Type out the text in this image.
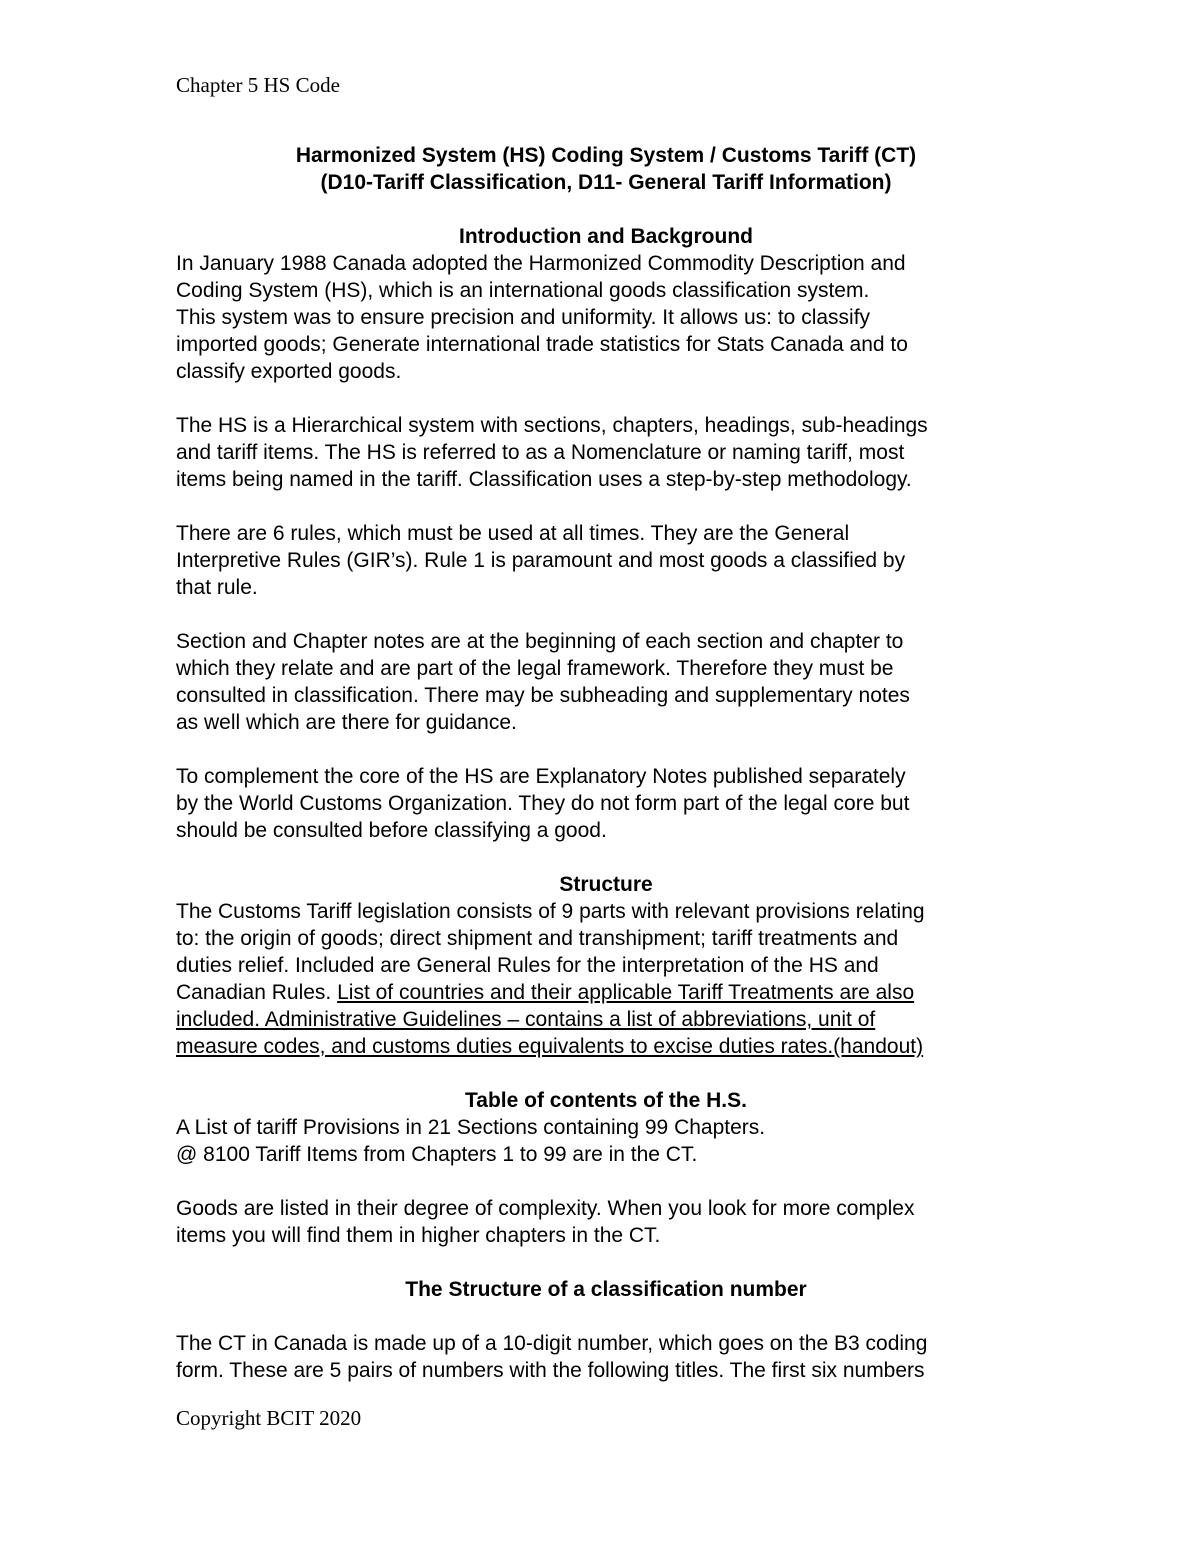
Chapter 5 HS Code
Harmonized System (HS) Coding System / Customs Tariff (CT)
(D10-Tariff Classification, D11- General Tariff Information)
Introduction and Background
In January 1988 Canada adopted the Harmonized Commodity Description and
Coding System (HS), which is an international goods classification system.
This system was to ensure precision and uniformity. It allows us: to classify
imported goods; Generate international trade statistics for Stats Canada and to
classify exported goods.
The HS is a Hierarchical system with sections, chapters, headings, sub-headings
and tariff items. The HS is referred to as a Nomenclature or naming tariff, most
items being named in the tariff. Classification uses a step-by-step methodology.
There are 6 rules, which must be used at all times. They are the General
Interpretive Rules (GIR’s). Rule 1 is paramount and most goods a classified by
that rule.
Section and Chapter notes are at the beginning of each section and chapter to
which they relate and are part of the legal framework. Therefore they must be
consulted in classification. There may be subheading and supplementary notes
as well which are there for guidance.
To complement the core of the HS are Explanatory Notes published separately
by the World Customs Organization. They do not form part of the legal core but
should be consulted before classifying a good.
Structure
The Customs Tariff legislation consists of 9 parts with relevant provisions relating
to: the origin of goods; direct shipment and transhipment; tariff treatments and
duties relief. Included are General Rules for the interpretation of the HS and
Canadian Rules. List of countries and their applicable Tariff Treatments are also
included. Administrative Guidelines – contains a list of abbreviations, unit of
measure codes, and customs duties equivalents to excise duties rates.(handout)
Table of contents of the H.S.
A List of tariff Provisions in 21 Sections containing 99 Chapters.
@ 8100 Tariff Items from Chapters 1 to 99 are in the CT.
Goods are listed in their degree of complexity. When you look for more complex
items you will find them in higher chapters in the CT.
The Structure of a classification number
The CT in Canada is made up of a 10-digit number, which goes on the B3 coding
form. These are 5 pairs of numbers with the following titles. The first six numbers
Copyright BCIT 2020
